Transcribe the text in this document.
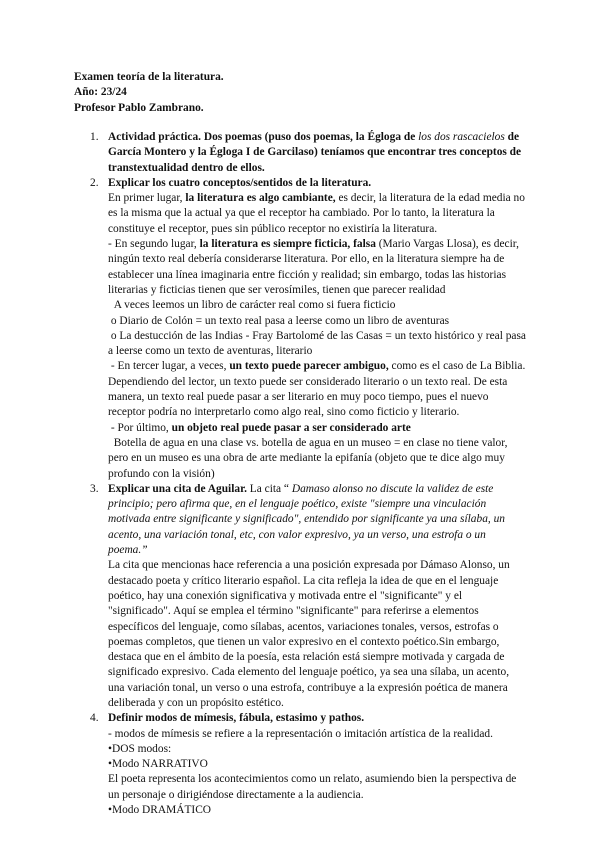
Examen teoría de la literatura.
Año: 23/24
Profesor Pablo Zambrano.
1. Actividad práctica. Dos poemas (puso dos poemas, la Égloga de los dos rascacielos de García Montero y la Égloga I de Garcilaso) teníamos que encontrar tres conceptos de transtextualidad dentro de ellos.

2. Explicar los cuatro conceptos/sentidos de la literatura.

En primer lugar, la literatura es algo cambiante, es decir, la literatura de la edad media no es la misma que la actual ya que el receptor ha cambiado. Por lo tanto, la literatura la constituye el receptor, pues sin público receptor no existiría la literatura.

- En segundo lugar, la literatura es siempre ficticia, falsa (Mario Vargas Llosa), es decir, ningún texto real debería considerarse literatura. Por ello, en la literatura siempre ha de establecer una línea imaginaria entre ficción y realidad; sin embargo, todas las historias literarias y ficticias tienen que ser verosímiles, tienen que parecer realidad

A veces leemos un libro de carácter real como si fuera ficticio

o Diario de Colón = un texto real pasa a leerse como un libro de aventuras

o La destucción de las Indias - Fray Bartolomé de las Casas = un texto histórico y real pasa a leerse como un texto de aventuras, literario

- En tercer lugar, a veces, un texto puede parecer ambiguo, como es el caso de La Biblia. Dependiendo del lector, un texto puede ser considerado literario o un texto real. De esta manera, un texto real puede pasar a ser literario en muy poco tiempo, pues el nuevo receptor podría no interpretarlo como algo real, sino como ficticio y literario.

- Por último, un objeto real puede pasar a ser considerado arte

Botella de agua en una clase vs. botella de agua en un museo = en clase no tiene valor, pero en un museo es una obra de arte mediante la epifanía (objeto que te dice algo muy profundo con la visión)

3. Explicar una cita de Aguilar. La cita “ Damaso alonso no discute la validez de este principio; pero afirma que, en el lenguaje poético, existe "siempre una vinculación motivada entre significante y significado", entendido por significante ya una sílaba, un acento, una variación tonal, etc, con valor expresivo, ya un verso, una estrofa o un poema.”

La cita que mencionas hace referencia a una posición expresada por Dámaso Alonso, un destacado poeta y crítico literario español. La cita refleja la idea de que en el lenguaje poético, hay una conexión significativa y motivada entre el "significante" y el "significado". Aquí se emplea el término "significante" para referirse a elementos específicos del lenguaje, como sílabas, acentos, variaciones tonales, versos, estrofas o poemas completos, que tienen un valor expresivo en el contexto poético.Sin embargo, destaca que en el ámbito de la poesía, esta relación está siempre motivada y cargada de significado expresivo. Cada elemento del lenguaje poético, ya sea una sílaba, un acento, una variación tonal, un verso o una estrofa, contribuye a la expresión poética de manera deliberada y con un propósito estético.

4. Definir modos de mímesis, fábula, estasimo y pathos.

- modos de mímesis se refiere a la representación o imitación artística de la realidad.

•DOS modos:

•Modo NARRATIVO

El poeta representa los acontecimientos como un relato, asumiendo bien la perspectiva de un personaje o dirigiéndose directamente a la audiencia.

•Modo DRAMÁTICO
